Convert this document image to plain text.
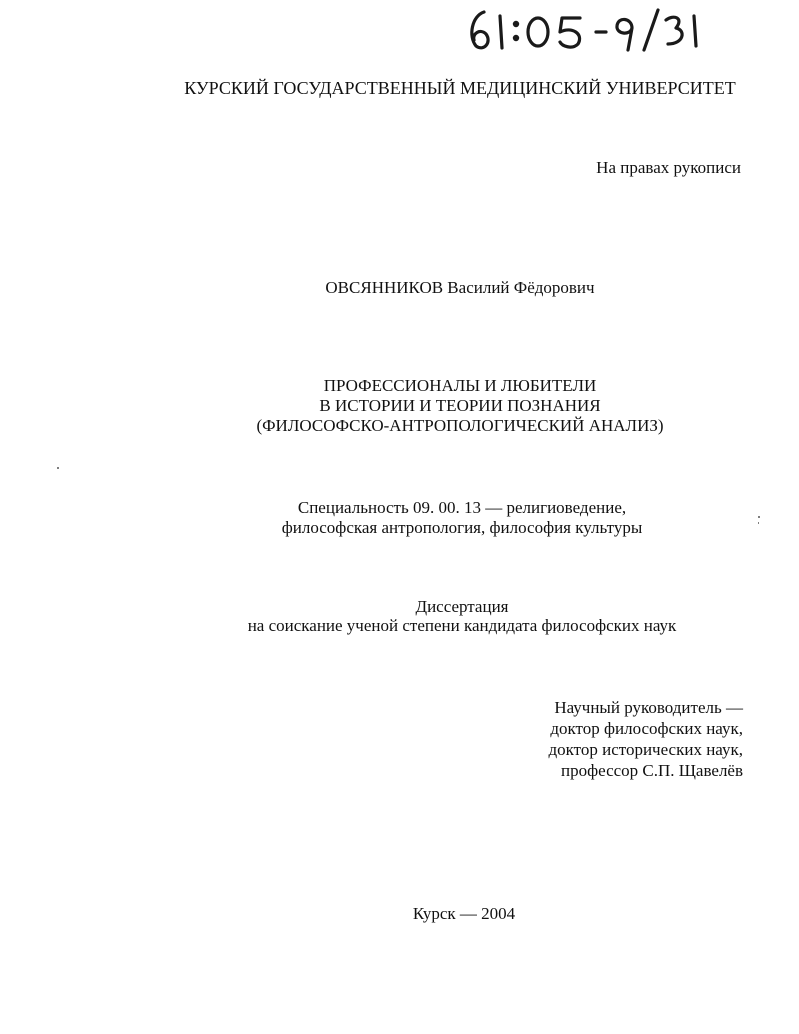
КУРСКИЙ ГОСУДАРСТВЕННЫЙ МЕДИЦИНСКИЙ УНИВЕРСИТЕТ
На правах рукописи
ОВСЯННИКОВ Василий Фёдорович
ПРОФЕССИОНАЛЫ И ЛЮБИТЕЛИ
В ИСТОРИИ И ТЕОРИИ ПОЗНАНИЯ
(ФИЛОСОФСКО-АНТРОПОЛОГИЧЕСКИЙ АНАЛИЗ)
Специальность 09. 00. 13 — религиоведение,
философская антропология, философия культуры
Диссертация
на соискание ученой степени кандидата философских наук
Научный руководитель —
доктор философских наук,
доктор исторических наук,
профессор С.П. Щавелёв
Курск — 2004
